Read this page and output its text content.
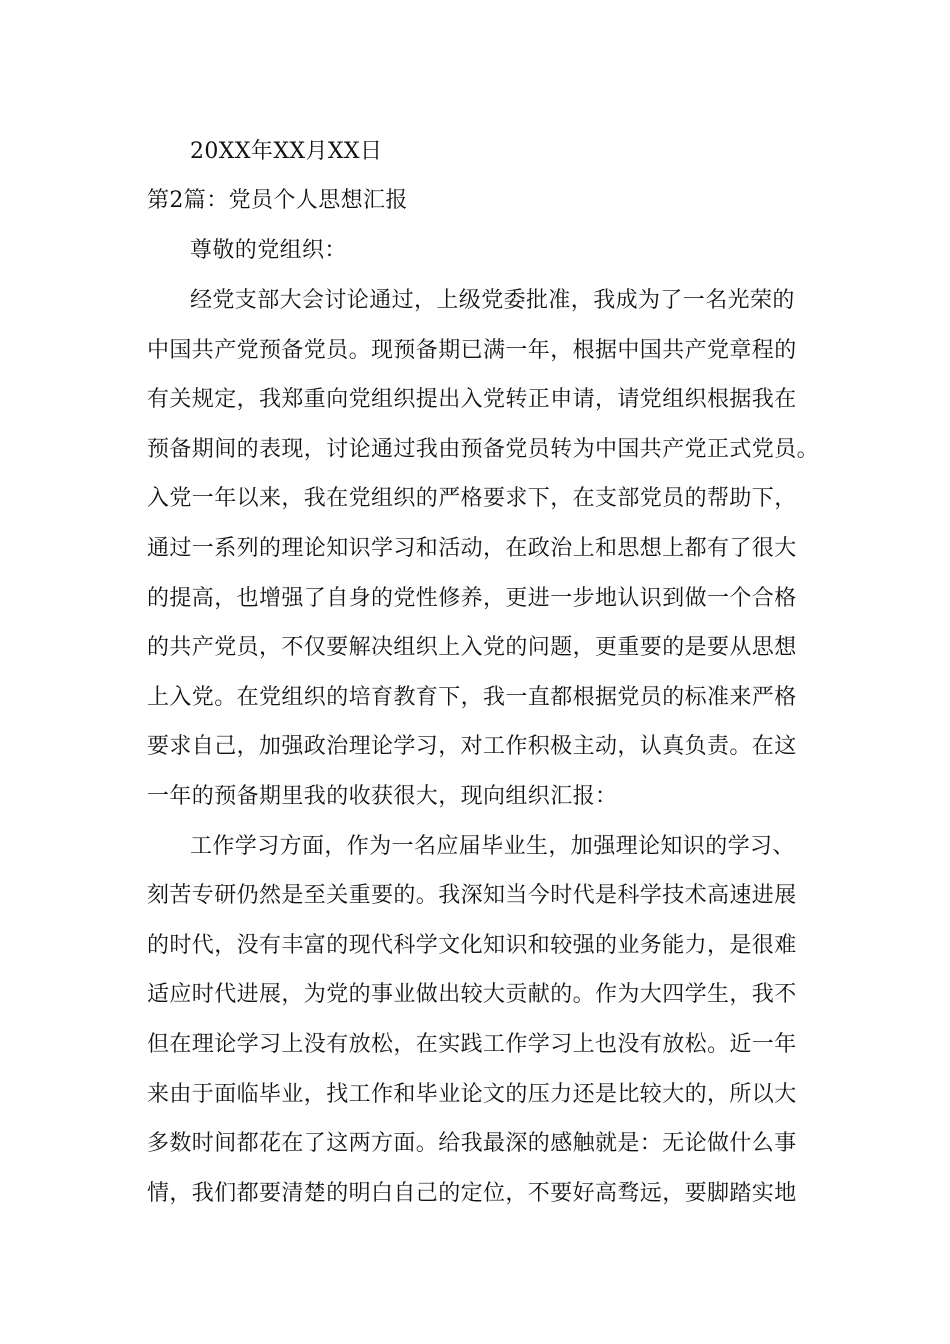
20XX年XX月XX日
第2篇：党员个人思想汇报
尊敬的党组织：
经党支部大会讨论通过，上级党委批准，我成为了一名光荣的
中国共产党预备党员。现预备期已满一年，根据中国共产党章程的
有关规定，我郑重向党组织提出入党转正申请，请党组织根据我在
预备期间的表现，讨论通过我由预备党员转为中国共产党正式党员。
入党一年以来，我在党组织的严格要求下，在支部党员的帮助下，
通过一系列的理论知识学习和活动，在政治上和思想上都有了很大
的提高，也增强了自身的党性修养，更进一步地认识到做一个合格
的共产党员，不仅要解决组织上入党的问题，更重要的是要从思想
上入党。在党组织的培育教育下，我一直都根据党员的标准来严格
要求自己，加强政治理论学习，对工作积极主动，认真负责。在这
一年的预备期里我的收获很大，现向组织汇报：
工作学习方面，作为一名应届毕业生，加强理论知识的学习、
刻苦专研仍然是至关重要的。我深知当今时代是科学技术高速进展
的时代，没有丰富的现代科学文化知识和较强的业务能力，是很难
适应时代进展，为党的事业做出较大贡献的。作为大四学生，我不
但在理论学习上没有放松，在实践工作学习上也没有放松。近一年
来由于面临毕业，找工作和毕业论文的压力还是比较大的，所以大
多数时间都花在了这两方面。给我最深的感触就是：无论做什么事
情，我们都要清楚的明白自己的定位，不要好高骛远，要脚踏实地
